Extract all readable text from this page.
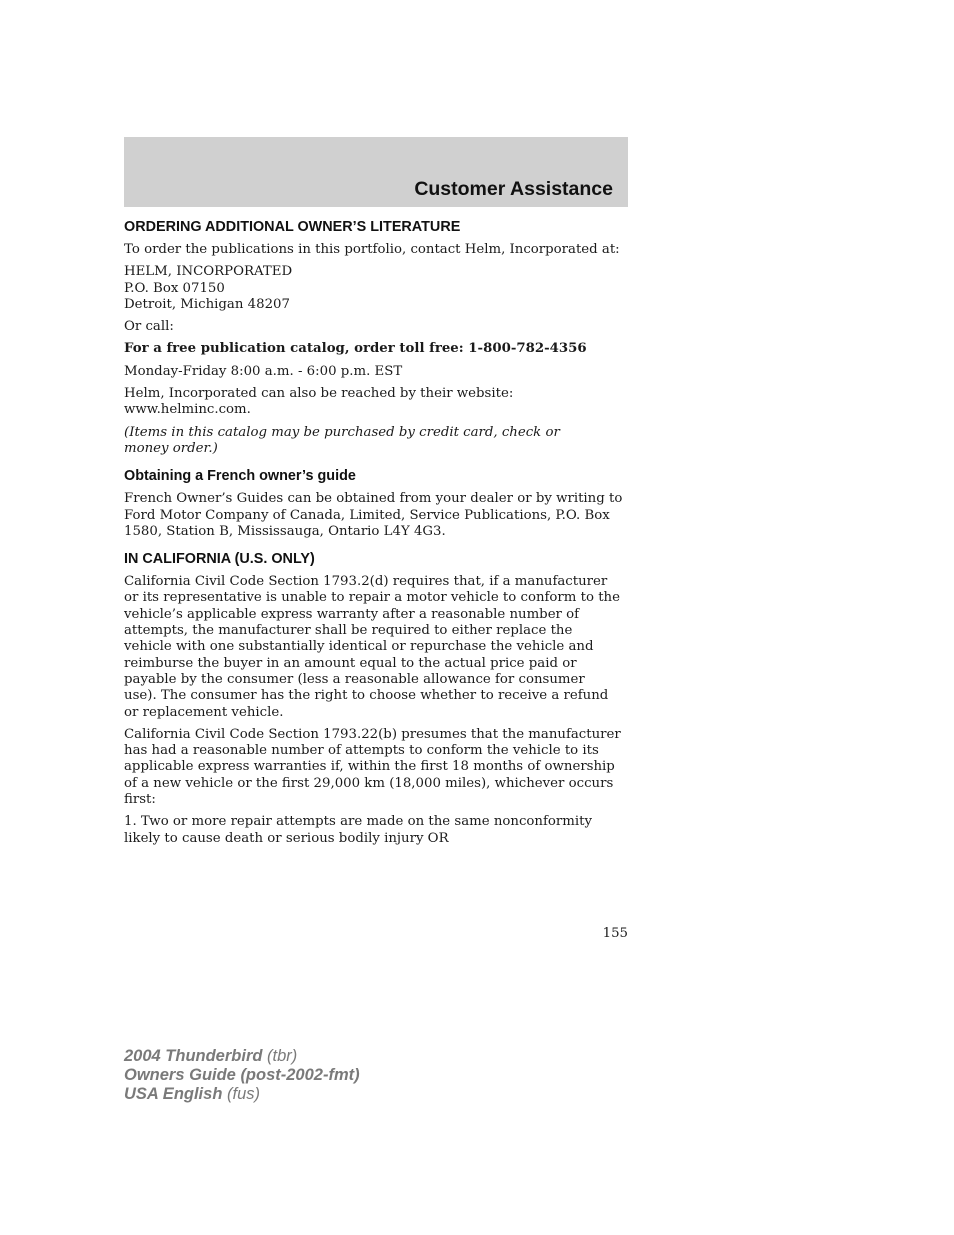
Customer Assistance
ORDERING ADDITIONAL OWNER’S LITERATURE
To order the publications in this portfolio, contact Helm, Incorporated at:
HELM, INCORPORATED
P.O. Box 07150
Detroit, Michigan 48207
Or call:
For a free publication catalog, order toll free: 1-800-782-4356
Monday-Friday 8:00 a.m. - 6:00 p.m. EST
Helm, Incorporated can also be reached by their website:
www.helminc.com.
(Items in this catalog may be purchased by credit card, check or
money order.)
Obtaining a French owner’s guide
French Owner’s Guides can be obtained from your dealer or by writing to
Ford Motor Company of Canada, Limited, Service Publications, P.O. Box
1580, Station B, Mississauga, Ontario L4Y 4G3.
IN CALIFORNIA (U.S. ONLY)
California Civil Code Section 1793.2(d) requires that, if a manufacturer
or its representative is unable to repair a motor vehicle to conform to the
vehicle’s applicable express warranty after a reasonable number of
attempts, the manufacturer shall be required to either replace the
vehicle with one substantially identical or repurchase the vehicle and
reimburse the buyer in an amount equal to the actual price paid or
payable by the consumer (less a reasonable allowance for consumer
use). The consumer has the right to choose whether to receive a refund
or replacement vehicle.
California Civil Code Section 1793.22(b) presumes that the manufacturer
has had a reasonable number of attempts to conform the vehicle to its
applicable express warranties if, within the first 18 months of ownership
of a new vehicle or the first 29,000 km (18,000 miles), whichever occurs
first:
1. Two or more repair attempts are made on the same nonconformity
likely to cause death or serious bodily injury OR
155
2004 Thunderbird (tbr)
Owners Guide (post-2002-fmt)
USA English (fus)
